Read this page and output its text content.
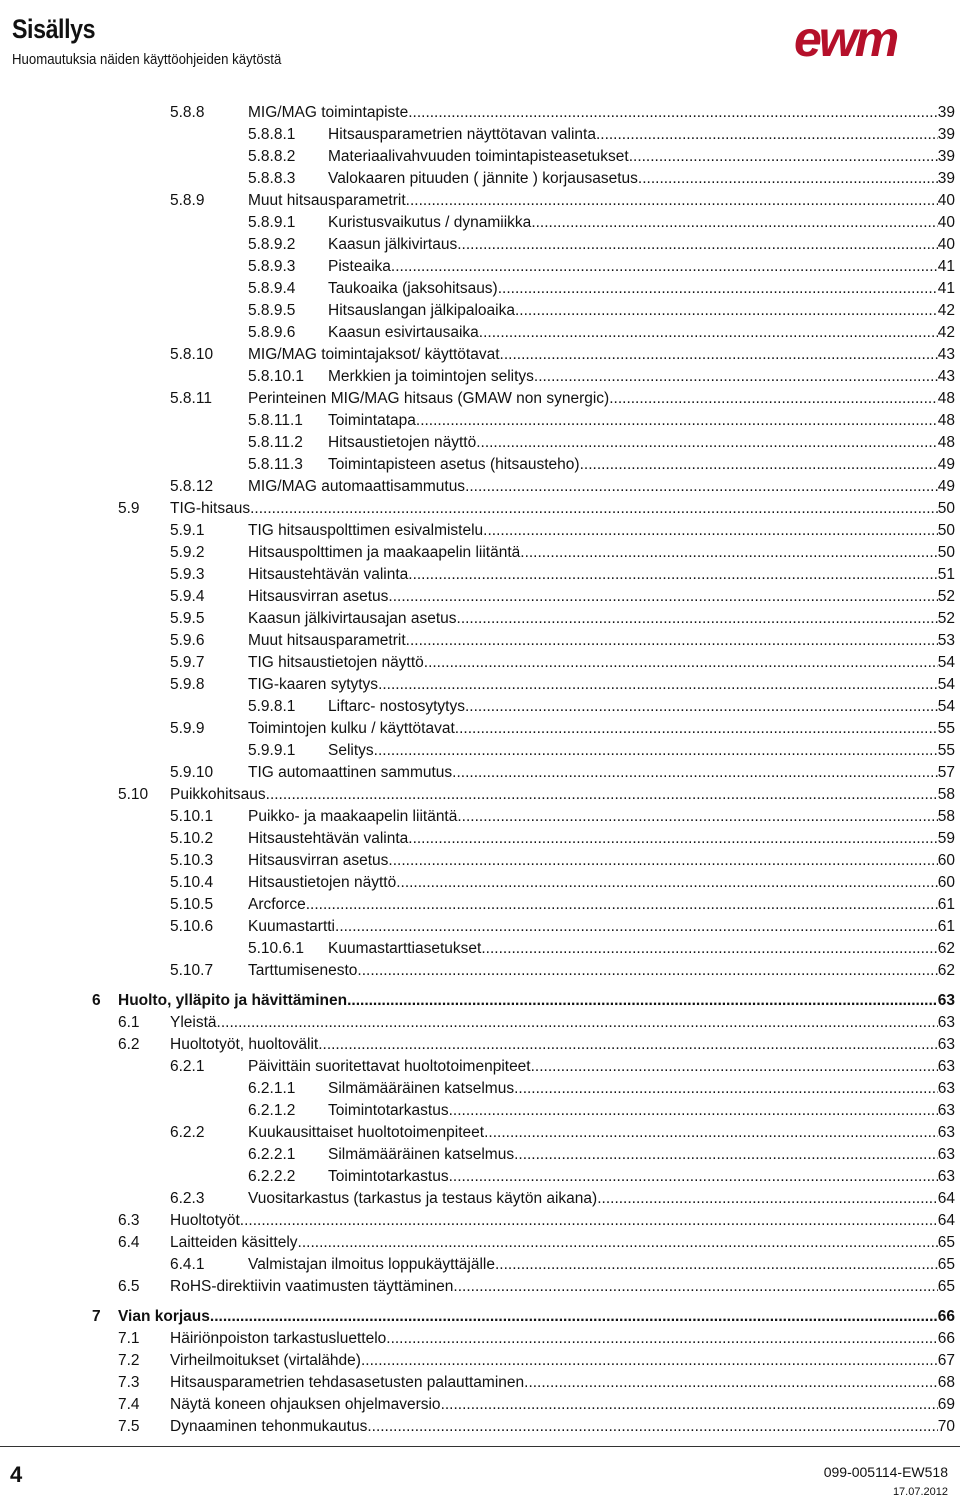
Sisällys
Huomautuksia näiden käyttöohjeiden käytöstä	ewm
5.8.8	MIG/MAG toimintapiste .....	39
5.8.8.1	Hitsausparametrien näyttötavan valinta .....	39
5.8.8.2	Materiaalivahvuuden toimintapisteasetukset .....	39
5.8.8.3	Valokaaren pituuden ( jännite ) korjausasetus .....	39
5.8.9	Muut hitsausparametrit .....	40
5.8.9.1	Kuristusvaikutus / dynamiikka .....	40
5.8.9.2	Kaasun jälkivirtaus .....	40
5.8.9.3	Pisteaika .....	41
5.8.9.4	Taukoaika (jaksohitsaus) .....	41
5.8.9.5	Hitsauslangan jälkipaloaika .....	42
5.8.9.6	Kaasun esivirtausaika .....	42
5.8.10	MIG/MAG toimintajaksot/ käyttötavat .....	43
5.8.10.1	Merkkien ja toimintojen selitys .....	43
5.8.11	Perinteinen MIG/MAG hitsaus (GMAW non synergic) .....	48
5.8.11.1	Toimintatapa .....	48
5.8.11.2	Hitsaustietojen näyttö .....	48
5.8.11.3	Toimintapisteen asetus (hitsausteho) .....	49
5.8.12	MIG/MAG automaattisammutus .....	49
5.9	TIG-hitsaus .....	50
5.9.1	TIG hitsauspolttimen esivalmistelu .....	50
5.9.2	Hitsauspolttimen ja maakaapelin liitäntä .....	50
5.9.3	Hitsaustehtävän valinta .....	51
5.9.4	Hitsausvirran asetus .....	52
5.9.5	Kaasun jälkivirtausajan asetus .....	52
5.9.6	Muut hitsausparametrit .....	53
5.9.7	TIG hitsaustietojen näyttö .....	54
5.9.8	TIG-kaaren sytytys .....	54
5.9.8.1	Liftarc- nostosytytys .....	54
5.9.9	Toimintojen kulku / käyttötavat .....	55
5.9.9.1	Selitys .....	55
5.9.10	TIG automaattinen sammutus .....	57
5.10	Puikkohitsaus .....	58
5.10.1	Puikko- ja maakaapelin liitäntä .....	58
5.10.2	Hitsaustehtävän valinta .....	59
5.10.3	Hitsausvirran asetus .....	60
5.10.4	Hitsaustietojen näyttö .....	60
5.10.5	Arcforce .....	61
5.10.6	Kuumastartti .....	61
5.10.6.1	Kuumastarttiasetukset .....	62
5.10.7	Tarttumisenesto .....	62
6	Huolto, ylläpito ja hävittäminen .....	63
6.1	Yleistä .....	63
6.2	Huoltotyöt, huoltovälit .....	63
6.2.1	Päivittäin suoritettavat huoltotoimenpiteet .....	63
6.2.1.1	Silmämääräinen katselmus .....	63
6.2.1.2	Toimintotarkastus .....	63
6.2.2	Kuukausittaiset huoltotoimenpiteet .....	63
6.2.2.1	Silmämääräinen katselmus .....	63
6.2.2.2	Toimintotarkastus .....	63
6.2.3	Vuositarkastus (tarkastus ja testaus käytön aikana) .....	64
6.3	Huoltotyöt .....	64
6.4	Laitteiden käsittely .....	65
6.4.1	Valmistajan ilmoitus loppukäyttäjälle .....	65
6.5	RoHS-direktiivin vaatimusten täyttäminen .....	65
7	Vian korjaus .....	66
7.1	Häiriönpoiston tarkastusluettelo .....	66
7.2	Virheilmoitukset (virtalähde) .....	67
7.3	Hitsausparametrien tehdasasetusten palauttaminen .....	68
7.4	Näytä koneen ohjauksen ohjelmaversio .....	69
7.5	Dynaaminen tehonmukautus .....	70
4	099-005114-EW518
17.07.2012
